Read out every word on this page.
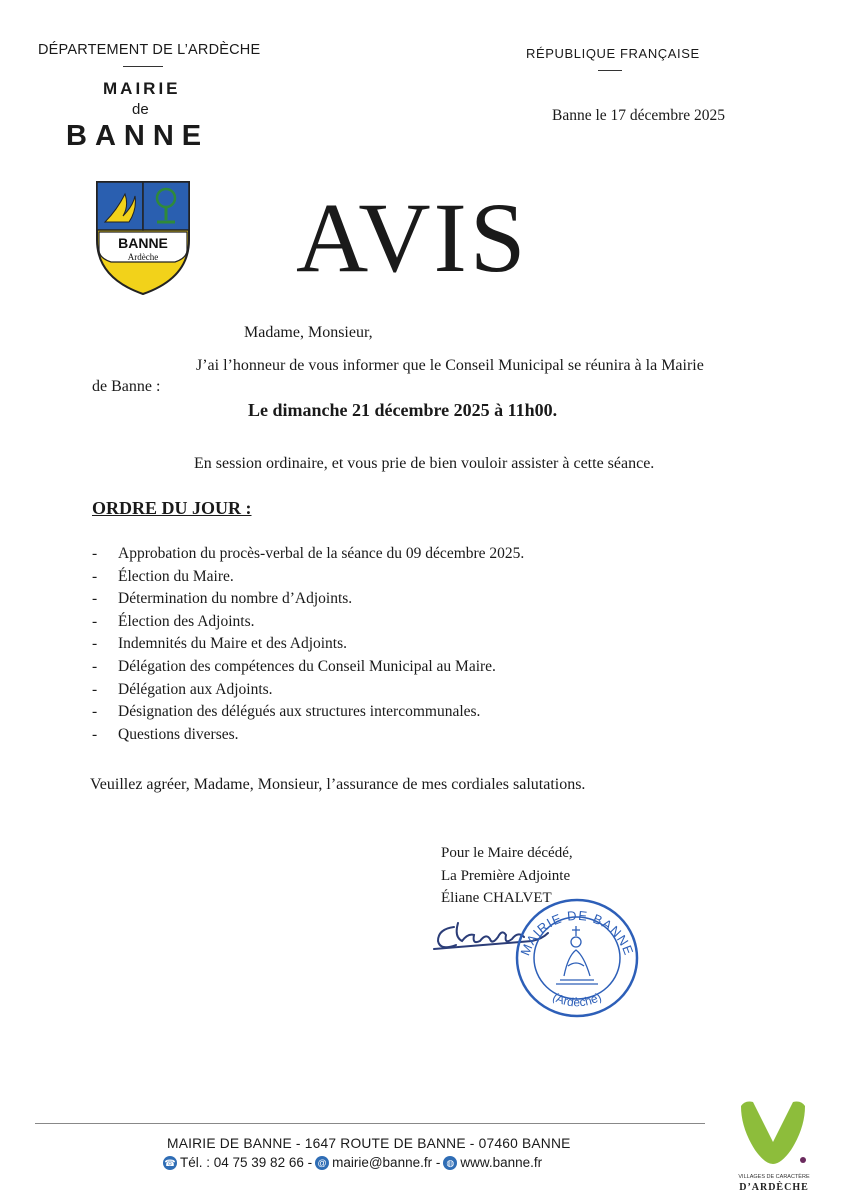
DÉPARTEMENT DE L’ARDÈCHE
MAIRIE
de
BANNE
RÉPUBLIQUE FRANÇAISE
Banne le 17 décembre 2025
BANNE
Ardèche AVIS
Madame, Monsieur,
J’ai l’honneur de vous informer que le Conseil Municipal se réunira à la Mairie
de Banne :
Le dimanche 21 décembre 2025 à 11h00.
En session ordinaire, et vous prie de bien vouloir assister à cette séance.
ORDRE DU JOUR :
-	Approbation du procès-verbal de la séance du 09 décembre 2025.
-	Élection du Maire.
-	Détermination du nombre d’Adjoints.
-	Élection des Adjoints.
-	Indemnités du Maire et des Adjoints.
-	Délégation des compétences du Conseil Municipal au Maire.
-	Délégation aux Adjoints.
-	Désignation des délégués aux structures intercommunales.
-	Questions diverses.
Veuillez agréer, Madame, Monsieur, l’assurance de mes cordiales salutations.
Pour le Maire décédé,
La Première Adjointe
Éliane CHALVET
MAIRIE DE BANNE
(Ardèche)
MAIRIE DE BANNE - 1647 ROUTE DE BANNE - 07460 BANNE
☎ Tél. : 04 75 39 82 66 - @ mairie@banne.fr - ◍ www.banne.fr
VILLAGES DE CARACTÈRE
D’ARDÈCHE
